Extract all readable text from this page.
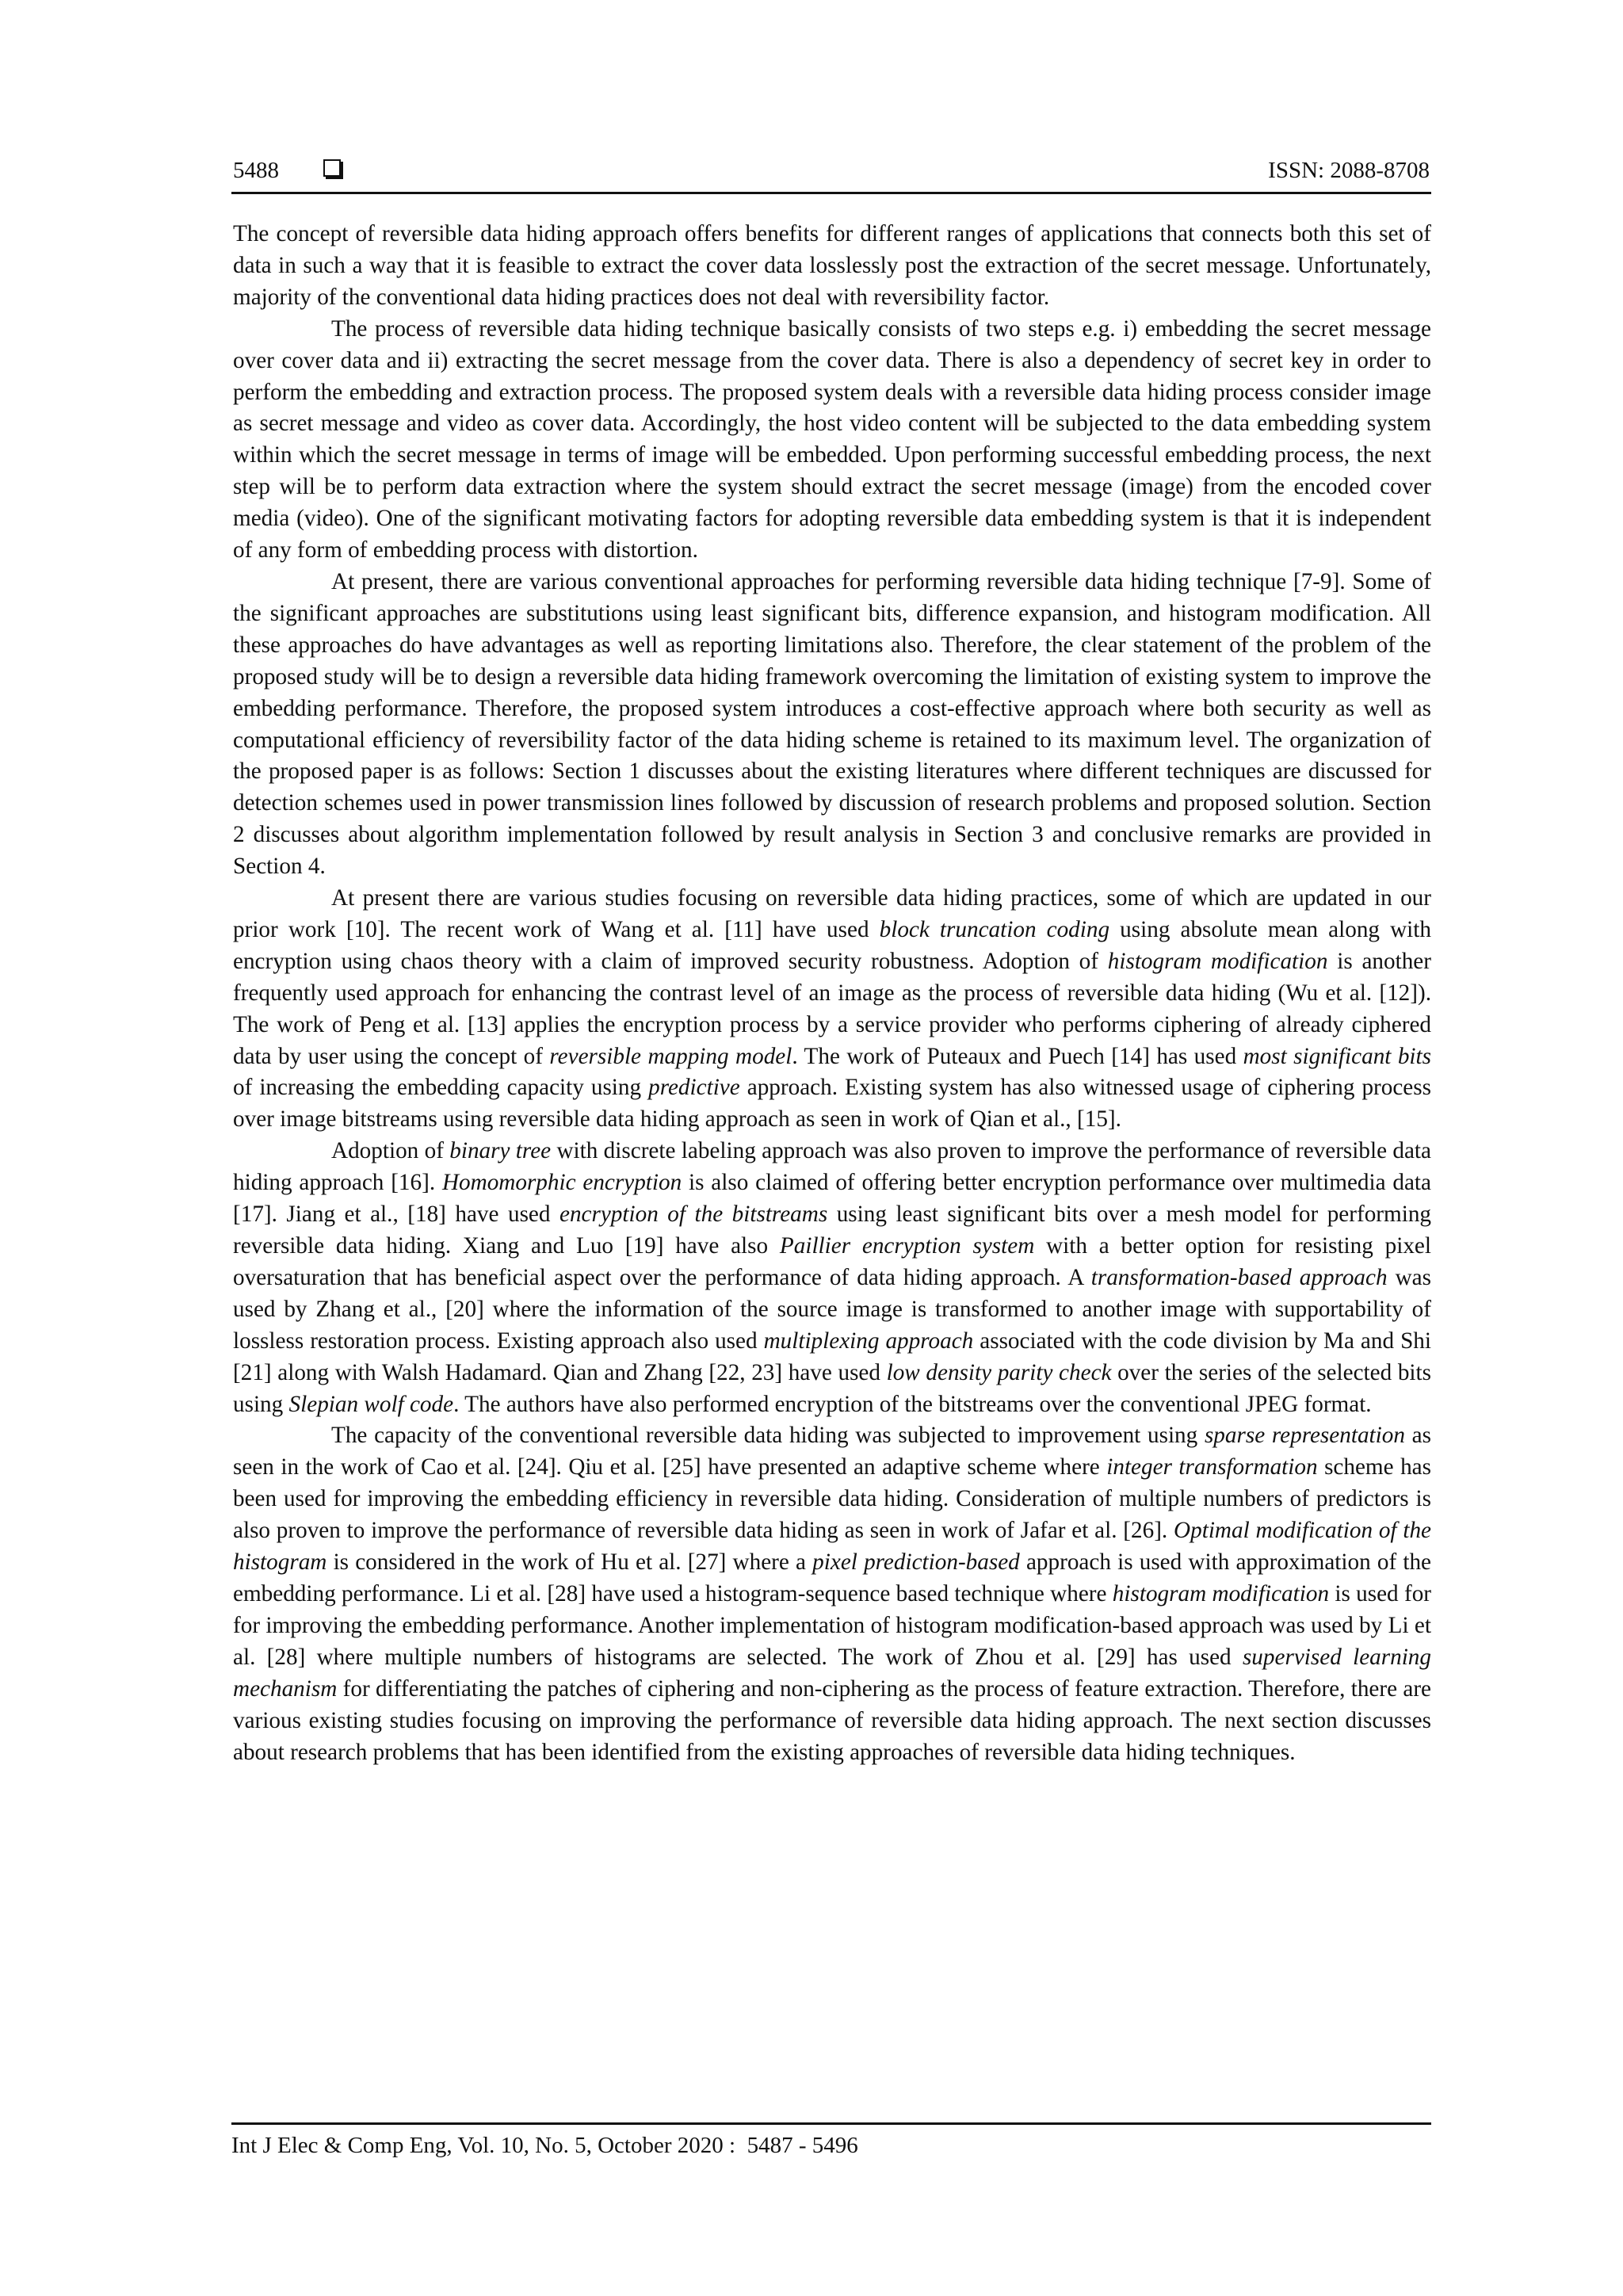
5488	ISSN: 2088-8708

The concept of reversible data hiding approach offers benefits for different ranges of applications that connects both this set of data in such a way that it is feasible to extract the cover data losslessly post the extraction of the secret message. Unfortunately, majority of the conventional data hiding practices does not deal with reversibility factor.

The process of reversible data hiding technique basically consists of two steps e.g. i) embedding the secret message over cover data and ii) extracting the secret message from the cover data. There is also a dependency of secret key in order to perform the embedding and extraction process. The proposed system deals with a reversible data hiding process consider image as secret message and video as cover data. Accordingly, the host video content will be subjected to the data embedding system within which the secret message in terms of image will be embedded. Upon performing successful embedding process, the next step will be to perform data extraction where the system should extract the secret message (image) from the encoded cover media (video). One of the significant motivating factors for adopting reversible data embedding system is that it is independent of any form of embedding process with distortion.

At present, there are various conventional approaches for performing reversible data hiding technique [7-9]. Some of the significant approaches are substitutions using least significant bits, difference expansion, and histogram modification. All these approaches do have advantages as well as reporting limitations also. Therefore, the clear statement of the problem of the proposed study will be to design a reversible data hiding framework overcoming the limitation of existing system to improve the embedding performance. Therefore, the proposed system introduces a cost-effective approach where both security as well as computational efficiency of reversibility factor of the data hiding scheme is retained to its maximum level. The organization of the proposed paper is as follows: Section 1 discusses about the existing literatures where different techniques are discussed for detection schemes used in power transmission lines followed by discussion of research problems and proposed solution. Section 2 discusses about algorithm implementation followed by result analysis in Section 3 and conclusive remarks are provided in Section 4.

At present there are various studies focusing on reversible data hiding practices, some of which are updated in our prior work [10]. The recent work of Wang et al. [11] have used block truncation coding using absolute mean along with encryption using chaos theory with a claim of improved security robustness. Adoption of histogram modification is another frequently used approach for enhancing the contrast level of an image as the process of reversible data hiding (Wu et al. [12]). The work of Peng et al. [13] applies the encryption process by a service provider who performs ciphering of already ciphered data by user using the concept of reversible mapping model. The work of Puteaux and Puech [14] has used most significant bits of increasing the embedding capacity using predictive approach. Existing system has also witnessed usage of ciphering process over image bitstreams using reversible data hiding approach as seen in work of Qian et al., [15].

Adoption of binary tree with discrete labeling approach was also proven to improve the performance of reversible data hiding approach [16]. Homomorphic encryption is also claimed of offering better encryption performance over multimedia data [17]. Jiang et al., [18] have used encryption of the bitstreams using least significant bits over a mesh model for performing reversible data hiding. Xiang and Luo [19] have also Paillier encryption system with a better option for resisting pixel oversaturation that has beneficial aspect over the performance of data hiding approach. A transformation-based approach was used by Zhang et al., [20] where the information of the source image is transformed to another image with supportability of lossless restoration process. Existing approach also used multiplexing approach associated with the code division by Ma and Shi [21] along with Walsh Hadamard. Qian and Zhang [22, 23] have used low density parity check over the series of the selected bits using Slepian wolf code. The authors have also performed encryption of the bitstreams over the conventional JPEG format.

The capacity of the conventional reversible data hiding was subjected to improvement using sparse representation as seen in the work of Cao et al. [24]. Qiu et al. [25] have presented an adaptive scheme where integer transformation scheme has been used for improving the embedding efficiency in reversible data hiding. Consideration of multiple numbers of predictors is also proven to improve the performance of reversible data hiding as seen in work of Jafar et al. [26]. Optimal modification of the histogram is considered in the work of Hu et al. [27] where a pixel prediction-based approach is used with approximation of the embedding performance. Li et al. [28] have used a histogram-sequence based technique where histogram modification is used for for improving the embedding performance. Another implementation of histogram modification-based approach was used by Li et al. [28] where multiple numbers of histograms are selected. The work of Zhou et al. [29] has used supervised learning mechanism for differentiating the patches of ciphering and non-ciphering as the process of feature extraction. Therefore, there are various existing studies focusing on improving the performance of reversible data hiding approach. The next section discusses about research problems that has been identified from the existing approaches of reversible data hiding techniques.

Int J Elec & Comp Eng, Vol. 10, No. 5, October 2020 :  5487 - 5496
